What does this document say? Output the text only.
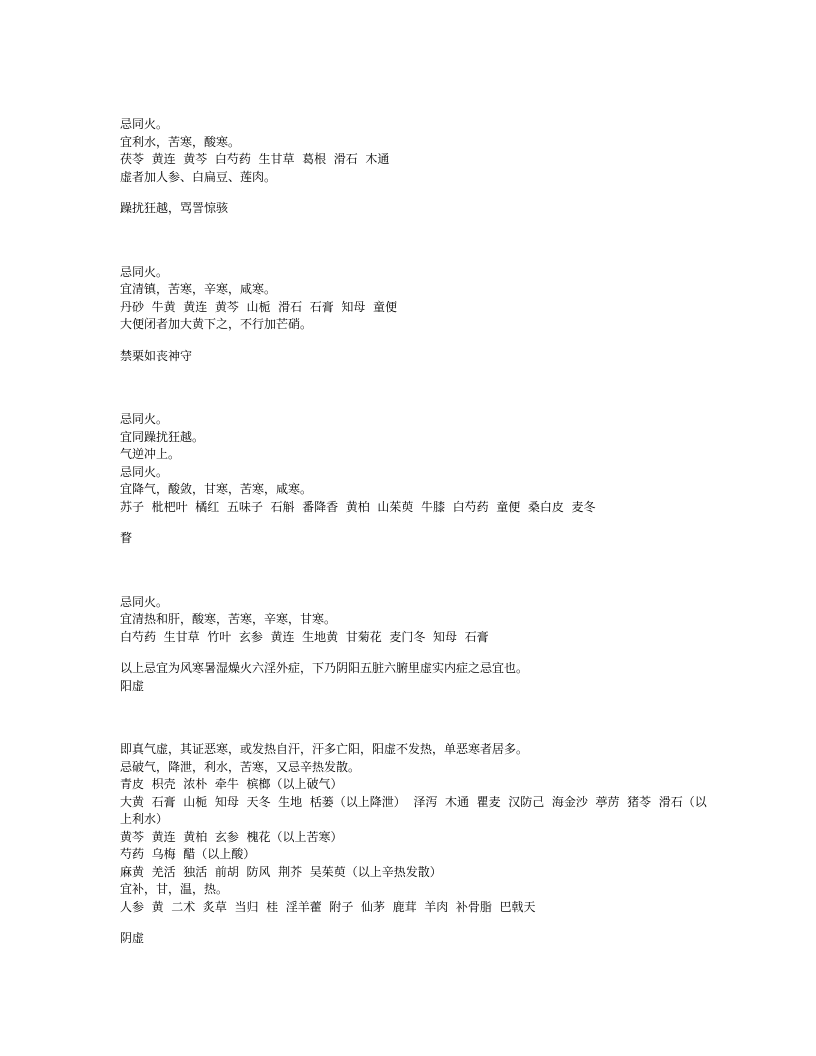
忌同火。
宜利水，苦寒，酸寒。
茯苓  黄连  黄芩  白芍药  生甘草  葛根  滑石  木通
虚者加人参、白扁豆、莲肉。
躁扰狂越，骂詈惊骇
忌同火。
宜清镇，苦寒，辛寒，咸寒。
丹砂  牛黄  黄连  黄芩  山栀  滑石  石膏  知母  童便
大便闭者加大黄下之，不行加芒硝。
禁栗如丧神守
忌同火。
宜同躁扰狂越。
气逆冲上。
忌同火。
宜降气，酸敛，甘寒，苦寒，咸寒。
苏子  枇杷叶  橘红  五味子  石斛  番降香  黄柏  山茱萸  牛膝  白芍药  童便  桑白皮  麦冬
瞀
忌同火。
宜清热和肝，酸寒，苦寒，辛寒，甘寒。
白芍药  生甘草  竹叶  玄参  黄连  生地黄  甘菊花  麦门冬  知母  石膏
以上忌宜为风寒暑湿燥火六淫外症，下乃阴阳五脏六腑里虚实内症之忌宜也。
阳虚
即真气虚，其证恶寒，或发热自汗，汗多亡阳，阳虚不发热，单恶寒者居多。
忌破气，降泄，利水，苦寒，又忌辛热发散。
青皮  枳壳  浓朴  牵牛  槟榔（以上破气）
大黄  石膏  山栀  知母  天冬  生地  栝蒌（以上降泄）  泽泻  木通  瞿麦  汉防己  海金沙  葶苈  猪苓  滑石（以上利水）
黄芩  黄连  黄柏  玄参  槐花（以上苦寒）
芍药  乌梅  醋（以上酸）
麻黄  羌活  独活  前胡  防风  荆芥  吴茱萸（以上辛热发散）
宜补，甘，温，热。
人参  黄  二术  炙草  当归  桂  淫羊藿  附子  仙茅  鹿茸  羊肉  补骨脂  巴戟天
阴虚
